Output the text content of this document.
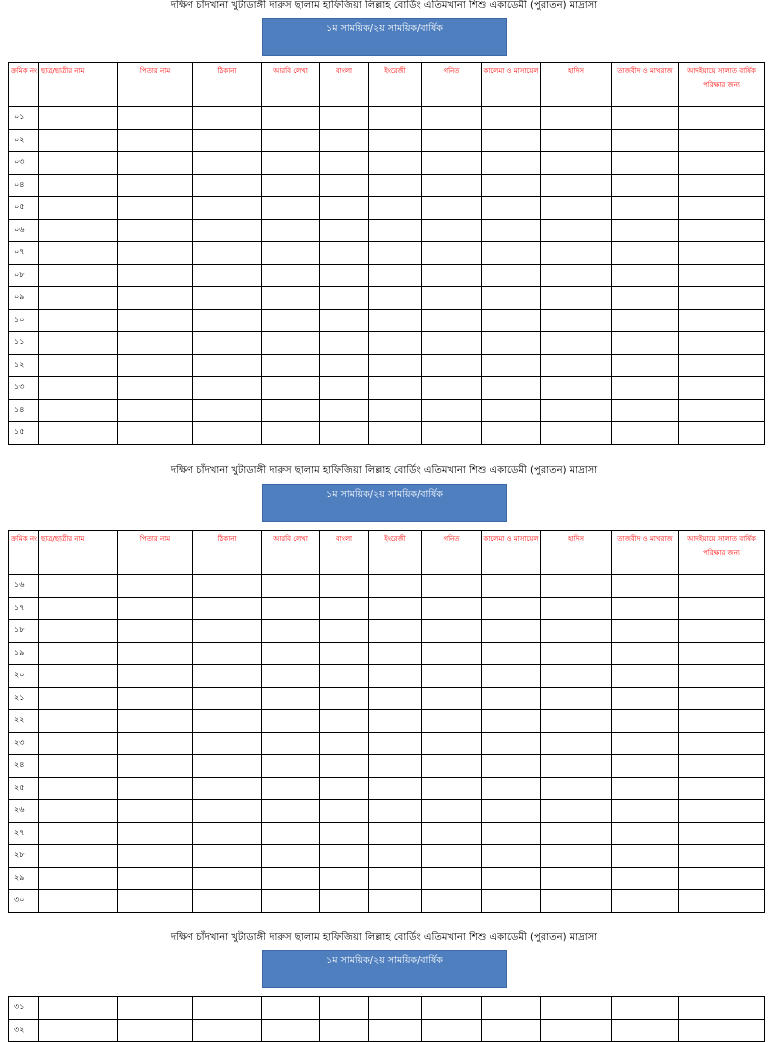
দক্ষিণ চাঁদখানা খুটাডাঙ্গী দারুস ছালাম হাফিজিয়া লিল্লাহ বোর্ডিং এতিমখানা শিশু একাডেমী (পুরাতন) মাদ্রাসা
১ম সাময়িক/২য় সাময়িক/বার্ষিক
ক্রমিক নং	ছাত্র/ছাত্রীর নাম	পিতার নাম	ঠিকানা	আরবি লেখা	বাংলা	ইংরেজী	গনিত	কালেমা ও মাসায়েল	হাদিস	তাজবীদ ও মাখরাজ	আদইয়ায়ে সালাত বার্ষিক পরিক্ষার জন্য
০১											
০২											
০৩											
০৪											
০৫											
০৬											
০৭											
০৮											
০৯											
১০											
১১											
১২											
১৩											
১৪											
১৫											
দক্ষিণ চাঁদখানা খুটাডাঙ্গী দারুস ছালাম হাফিজিয়া লিল্লাহ বোর্ডিং এতিমখানা শিশু একাডেমী (পুরাতন) মাদ্রাসা
১ম সাময়িক/২য় সাময়িক/বার্ষিক
ক্রমিক নং	ছাত্র/ছাত্রীর নাম	পিতার নাম	ঠিকানা	আরবি লেখা	বাংলা	ইংরেজী	গনিত	কালেমা ও মাসায়েল	হাদিস	তাজবীদ ও মাখরাজ	আদইয়ায়ে সালাত বার্ষিক পরিক্ষার জন্য
১৬											
১৭											
১৮											
১৯											
২০											
২১											
২২											
২৩											
২৪											
২৫											
২৬											
২৭											
২৮											
২৯											
৩০											
দক্ষিণ চাঁদখানা খুটাডাঙ্গী দারুস ছালাম হাফিজিয়া লিল্লাহ বোর্ডিং এতিমখানা শিশু একাডেমী (পুরাতন) মাদ্রাসা
১ম সাময়িক/২য় সাময়িক/বার্ষিক
৩১											
৩২											
